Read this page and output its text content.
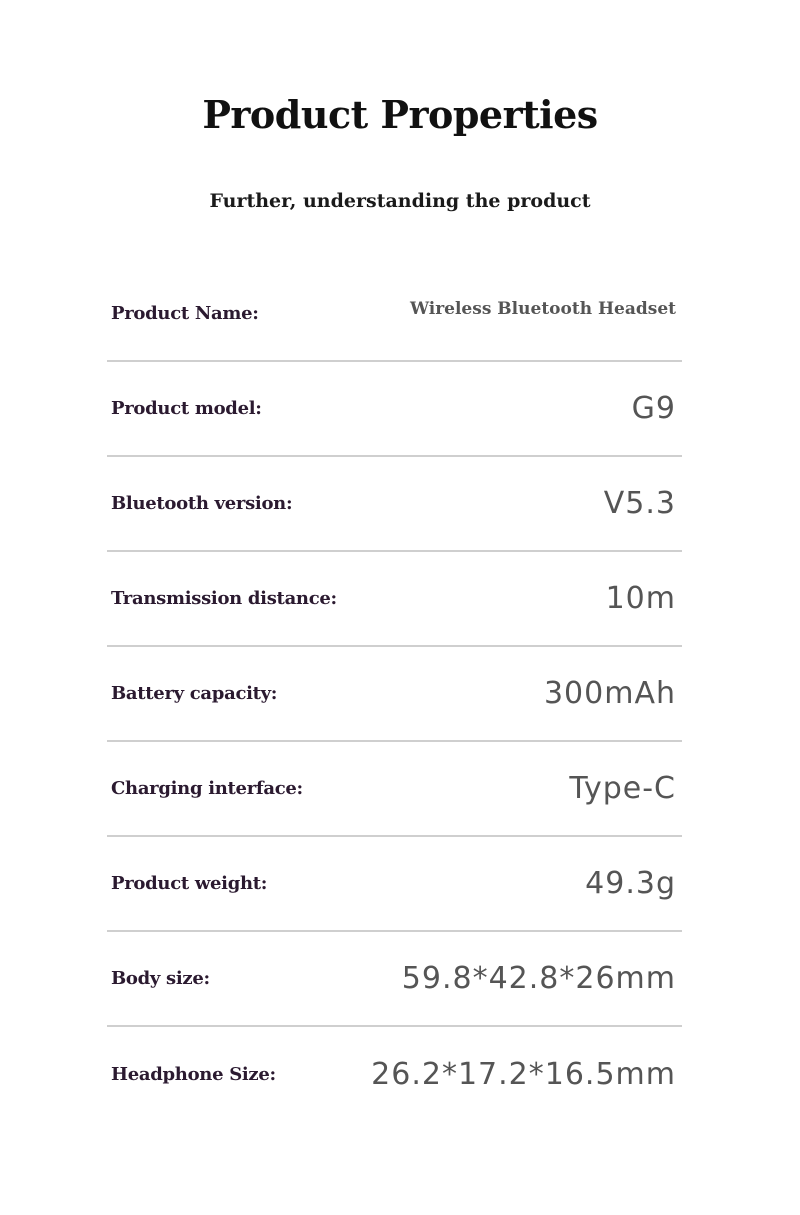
Product Properties
Further, understanding the product
Product Name:	Wireless Bluetooth Headset
Product model:	G9
Bluetooth version:	V5.3
Transmission distance:	10m
Battery capacity:	300mAh
Charging interface:	Type-C
Product weight:	49.3g
Body size:	59.8*42.8*26mm
Headphone Size:	26.2*17.2*16.5mm
